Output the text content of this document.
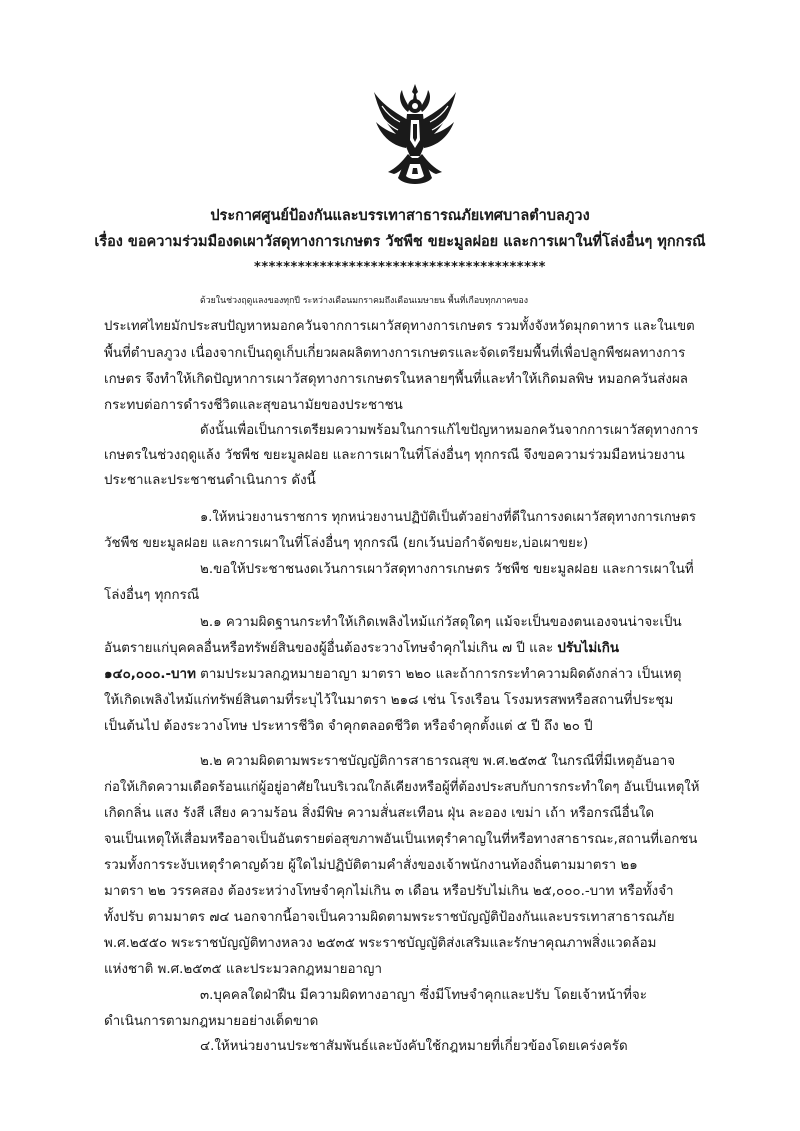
ประกาศศูนย์ป้องกันและบรรเทาสาธารณภัยเทศบาลตำบลภูวง
เรื่อง ขอความร่วมมืองดเผาวัสดุทางการเกษตร วัชพืช ขยะมูลฝอย และการเผาในที่โล่งอื่นๆ ทุกกรณี
****************************************
ด้วยในช่วงฤดูแลงของทุกปี ระหว่างเดือนมกราคมถึงเดือนเมษายน พื้นที่เกือบทุกภาคของ
ประเทศไทยมักประสบปัญหาหมอกควันจากการเผาวัสดุทางการเกษตร รวมทั้งจังหวัดมุกดาหาร และในเขต
พื้นที่ตำบลภูวง เนื่องจากเป็นฤดูเก็บเกี่ยวผลผลิตทางการเกษตรและจัดเตรียมพื้นที่เพื่อปลูกพืชผลทางการ
เกษตร จึงทำให้เกิดปัญหาการเผาวัสดุทางการเกษตรในหลายๆพื้นที่และทำให้เกิดมลพิษ หมอกควันส่งผล
กระทบต่อการดำรงชีวิตและสุขอนามัยของประชาชน
ดังนั้นเพื่อเป็นการเตรียมความพร้อมในการแก้ไขปัญหาหมอกควันจากการเผาวัสดุทางการ
เกษตรในช่วงฤดูแล้ง วัชพืช ขยะมูลฝอย และการเผาในที่โล่งอื่นๆ ทุกกรณี จึงขอความร่วมมือหน่วยงาน
ประชาและประชาชนดำเนินการ ดังนี้
๑.ให้หน่วยงานราชการ ทุกหน่วยงานปฏิบัติเป็นตัวอย่างที่ดีในการงดเผาวัสดุทางการเกษตร
วัชพืช ขยะมูลฝอย และการเผาในที่โล่งอื่นๆ ทุกกรณี (ยกเว้นบ่อกำจัดขยะ,บ่อเผาขยะ)
๒.ขอให้ประชาชนงดเว้นการเผาวัสดุทางการเกษตร วัชพืช ขยะมูลฝอย และการเผาในที่
โล่งอื่นๆ ทุกกรณี
๒.๑ ความผิดฐานกระทำให้เกิดเพลิงไหม้แก่วัสดุใดๆ แม้จะเป็นของตนเองจนน่าจะเป็น
อันตรายแก่บุคคลอื่นหรือทรัพย์สินของผู้อื่นต้องระวางโทษจำคุกไม่เกิน ๗ ปี และ ปรับไม่เกิน
๑๔๐,๐๐๐.-บาท ตามประมวลกฎหมายอาญา มาตรา ๒๒๐ และถ้าการกระทำความผิดดังกล่าว เป็นเหตุ
ให้เกิดเพลิงไหม้แก่ทรัพย์สินตามที่ระบุไว้ในมาตรา ๒๑๘ เช่น โรงเรือน โรงมหรสพหรือสถานที่ประชุม
เป็นต้นไป ต้องระวางโทษ ประหารชีวิต จำคุกตลอดชีวิต หรือจำคุกตั้งแต่ ๕ ปี ถึง ๒๐ ปี
๒.๒ ความผิดตามพระราชบัญญัติการสาธารณสุข พ.ศ.๒๕๓๕ ในกรณีที่มีเหตุอันอาจ
ก่อให้เกิดความเดือดร้อนแก่ผู้อยู่อาศัยในบริเวณใกล้เคียงหรือผู้ที่ต้องประสบกับการกระทำใดๆ อันเป็นเหตุให้
เกิดกลิ่น แสง รังสี เสียง ความร้อน สิ่งมีพิษ ความสั่นสะเทือน ฝุ่น ละออง เขม่า เถ้า หรือกรณีอื่นใด
จนเป็นเหตุให้เสื่อมหรืออาจเป็นอันตรายต่อสุขภาพอันเป็นเหตุรำคาญในที่หรือทางสาธารณะ,สถานที่เอกชน
รวมทั้งการระงับเหตุรำคาญด้วย ผู้ใดไม่ปฏิบัติตามคำสั่งของเจ้าพนักงานท้องถิ่นตามมาตรา ๒๑
มาตรา ๒๒ วรรคสอง ต้องระหว่างโทษจำคุกไม่เกิน ๓ เดือน หรือปรับไม่เกิน ๒๕,๐๐๐.-บาท หรือทั้งจำ
ทั้งปรับ ตามมาตร ๗๔ นอกจากนี้อาจเป็นความผิดตามพระราชบัญญัติป้องกันและบรรเทาสาธารณภัย
พ.ศ.๒๕๕๐ พระราชบัญญัติทางหลวง ๒๕๓๕ พระราชบัญญัติส่งเสริมและรักษาคุณภาพสิ่งแวดล้อม
แห่งชาติ พ.ศ.๒๕๓๕ และประมวลกฎหมายอาญา
๓.บุคคลใดฝ่าฝืน มีความผิดทางอาญา ซึ่งมีโทษจำคุกและปรับ โดยเจ้าหน้าที่จะ
ดำเนินการตามกฎหมายอย่างเด็ดขาด
๔.ให้หน่วยงานประชาสัมพันธ์และบังคับใช้กฎหมายที่เกี่ยวข้องโดยเคร่งครัด
